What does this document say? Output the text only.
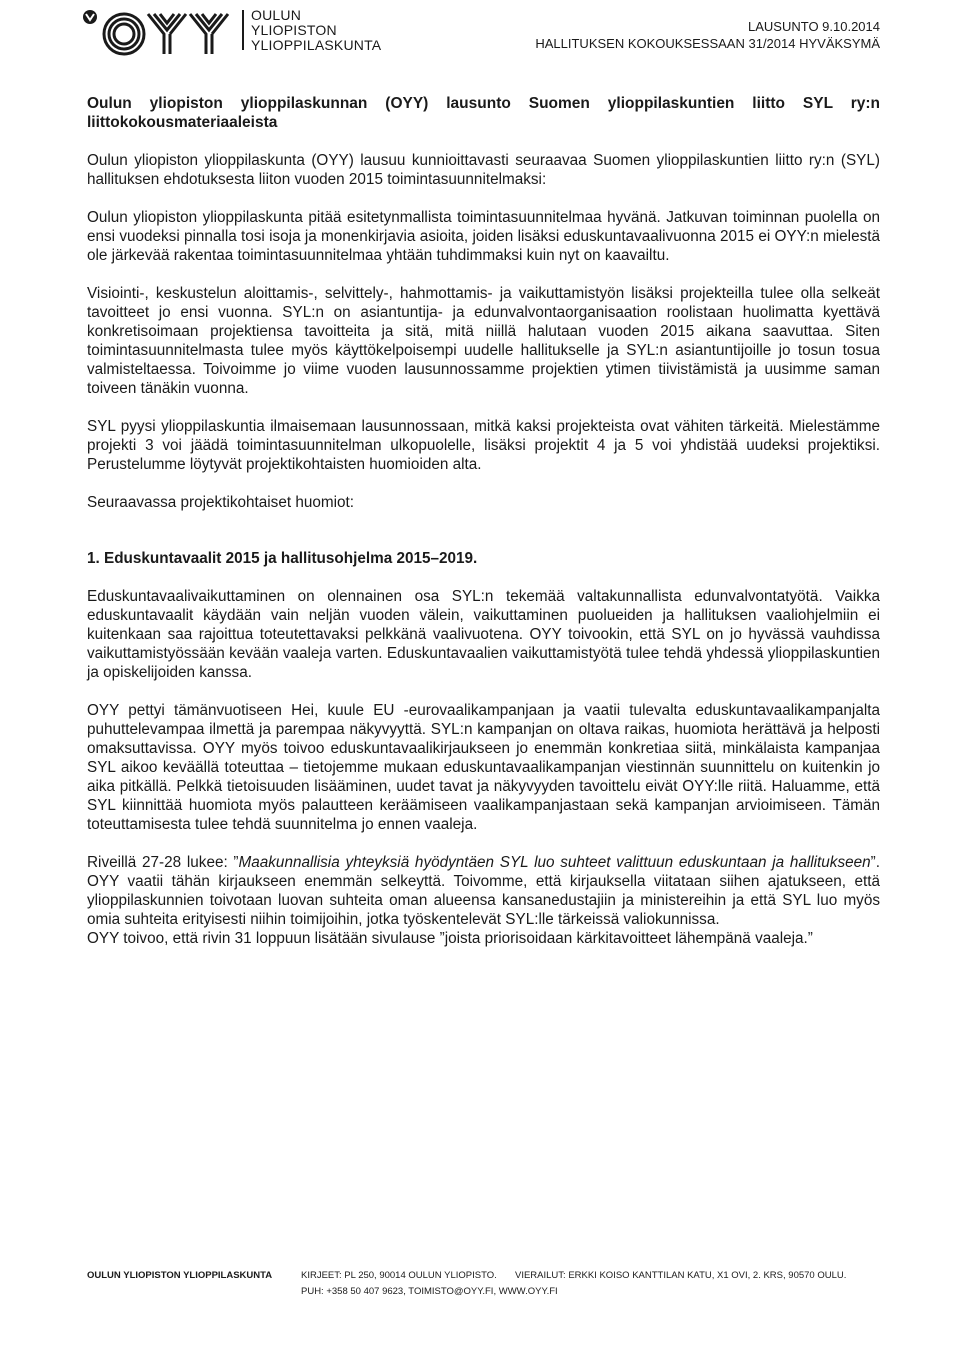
OULUN
YLIOPISTON
YLIOPPILASKUNTA
LAUSUNTO 9.10.2014
HALLITUKSEN KOKOUKSESSAAN 31/2014 HYVÄKSYMÄ

Oulun yliopiston ylioppilaskunnan (OYY) lausunto Suomen ylioppilaskuntien liitto SYL ry:n liittokokousmateriaaleista

Oulun yliopiston ylioppilaskunta (OYY) lausuu kunnioittavasti seuraavaa Suomen ylioppilaskuntien liitto ry:n (SYL) hallituksen ehdotuksesta liiton vuoden 2015 toimintasuunnitelmaksi:

Oulun yliopiston ylioppilaskunta pitää esitetynmallista toimintasuunnitelmaa hyvänä. Jatkuvan toiminnan puolella on ensi vuodeksi pinnalla tosi isoja ja monenkirjavia asioita, joiden lisäksi eduskuntavaalivuonna 2015 ei OYY:n mielestä ole järkevää rakentaa toimintasuunnitelmaa yhtään tuhdimmaksi kuin nyt on kaavailtu.

Visiointi-, keskustelun aloittamis-, selvittely-, hahmottamis- ja vaikuttamistyön lisäksi projekteilla tulee olla selkeät tavoitteet jo ensi vuonna. SYL:n on asiantuntija- ja edunvalvontaorganisaation roolistaan huolimatta kyettävä konkretisoimaan projektiensa tavoitteita ja sitä, mitä niillä halutaan vuoden 2015 aikana saavuttaa. Siten toimintasuunnitelmasta tulee myös käyttökelpoisempi uudelle hallitukselle ja SYL:n asiantuntijoille jo tosun tosua valmisteltaessa. Toivoimme jo viime vuoden lausunnossamme projektien ytimen tiivistämistä ja uusimme saman toiveen tänäkin vuonna.

SYL pyysi ylioppilaskuntia ilmaisemaan lausunnossaan, mitkä kaksi projekteista ovat vähiten tärkeitä. Mielestämme projekti 3 voi jäädä toimintasuunnitelman ulkopuolelle, lisäksi projektit 4 ja 5 voi yhdistää uudeksi projektiksi. Perustelumme löytyvät projektikohtaisten huomioiden alta.

Seuraavassa projektikohtaiset huomiot:

1. Eduskuntavaalit 2015 ja hallitusohjelma 2015–2019.

Eduskuntavaalivaikuttaminen on olennainen osa SYL:n tekemää valtakunnallista edunvalvontatyötä. Vaikka eduskuntavaalit käydään vain neljän vuoden välein, vaikuttaminen puolueiden ja hallituksen vaaliohjelmiin ei kuitenkaan saa rajoittua toteutettavaksi pelkkänä vaalivuotena. OYY toivookin, että SYL on jo hyvässä vauhdissa vaikuttamistyössään kevään vaaleja varten. Eduskuntavaalien vaikuttamistyötä tulee tehdä yhdessä ylioppilaskuntien ja opiskelijoiden kanssa.

OYY pettyi tämänvuotiseen Hei, kuule EU -eurovaalikampanjaan ja vaatii tulevalta eduskuntavaalikampanjalta puhuttelevampaa ilmettä ja parempaa näkyvyyttä. SYL:n kampanjan on oltava raikas, huomiota herättävä ja helposti omaksuttavissa. OYY myös toivoo eduskuntavaalikirjaukseen jo enemmän konkretiaa siitä, minkälaista kampanjaa SYL aikoo keväällä toteuttaa – tietojemme mukaan eduskuntavaalikampanjan viestinnän suunnittelu on kuitenkin jo aika pitkällä. Pelkkä tietoisuuden lisääminen, uudet tavat ja näkyvyyden tavoittelu eivät OYY:lle riitä. Haluamme, että SYL kiinnittää huomiota myös palautteen keräämiseen vaalikampanjastaan sekä kampanjan arvioimiseen. Tämän toteuttamisesta tulee tehdä suunnitelma jo ennen vaaleja.

Riveillä 27-28 lukee: ”Maakunnallisia yhteyksiä hyödyntäen SYL luo suhteet valittuun eduskuntaan ja hallitukseen”. OYY vaatii tähän kirjaukseen enemmän selkeyttä. Toivomme, että kirjauksella viitataan siihen ajatukseen, että ylioppilaskunnien toivotaan luovan suhteita oman alueensa kansanedustajiin ja ministereihin ja että SYL luo myös omia suhteita erityisesti niihin toimijoihin, jotka työskentelevät SYL:lle tärkeissä valiokunnissa.

OYY toivoo, että rivin 31 loppuun lisätään sivulause ”joista priorisoidaan kärkitavoitteet lähempänä vaaleja.”

OULUN YLIOPISTON YLIOPPILASKUNTA	KIRJEET: PL 250, 90014 OULUN YLIOPISTO. VIERAILUT: ERKKI KOISO KANTTILAN KATU, X1 OVI, 2. KRS, 90570 OULU.
PUH: +358 50 407 9623, TOIMISTO@OYY.FI, WWW.OYY.FI
